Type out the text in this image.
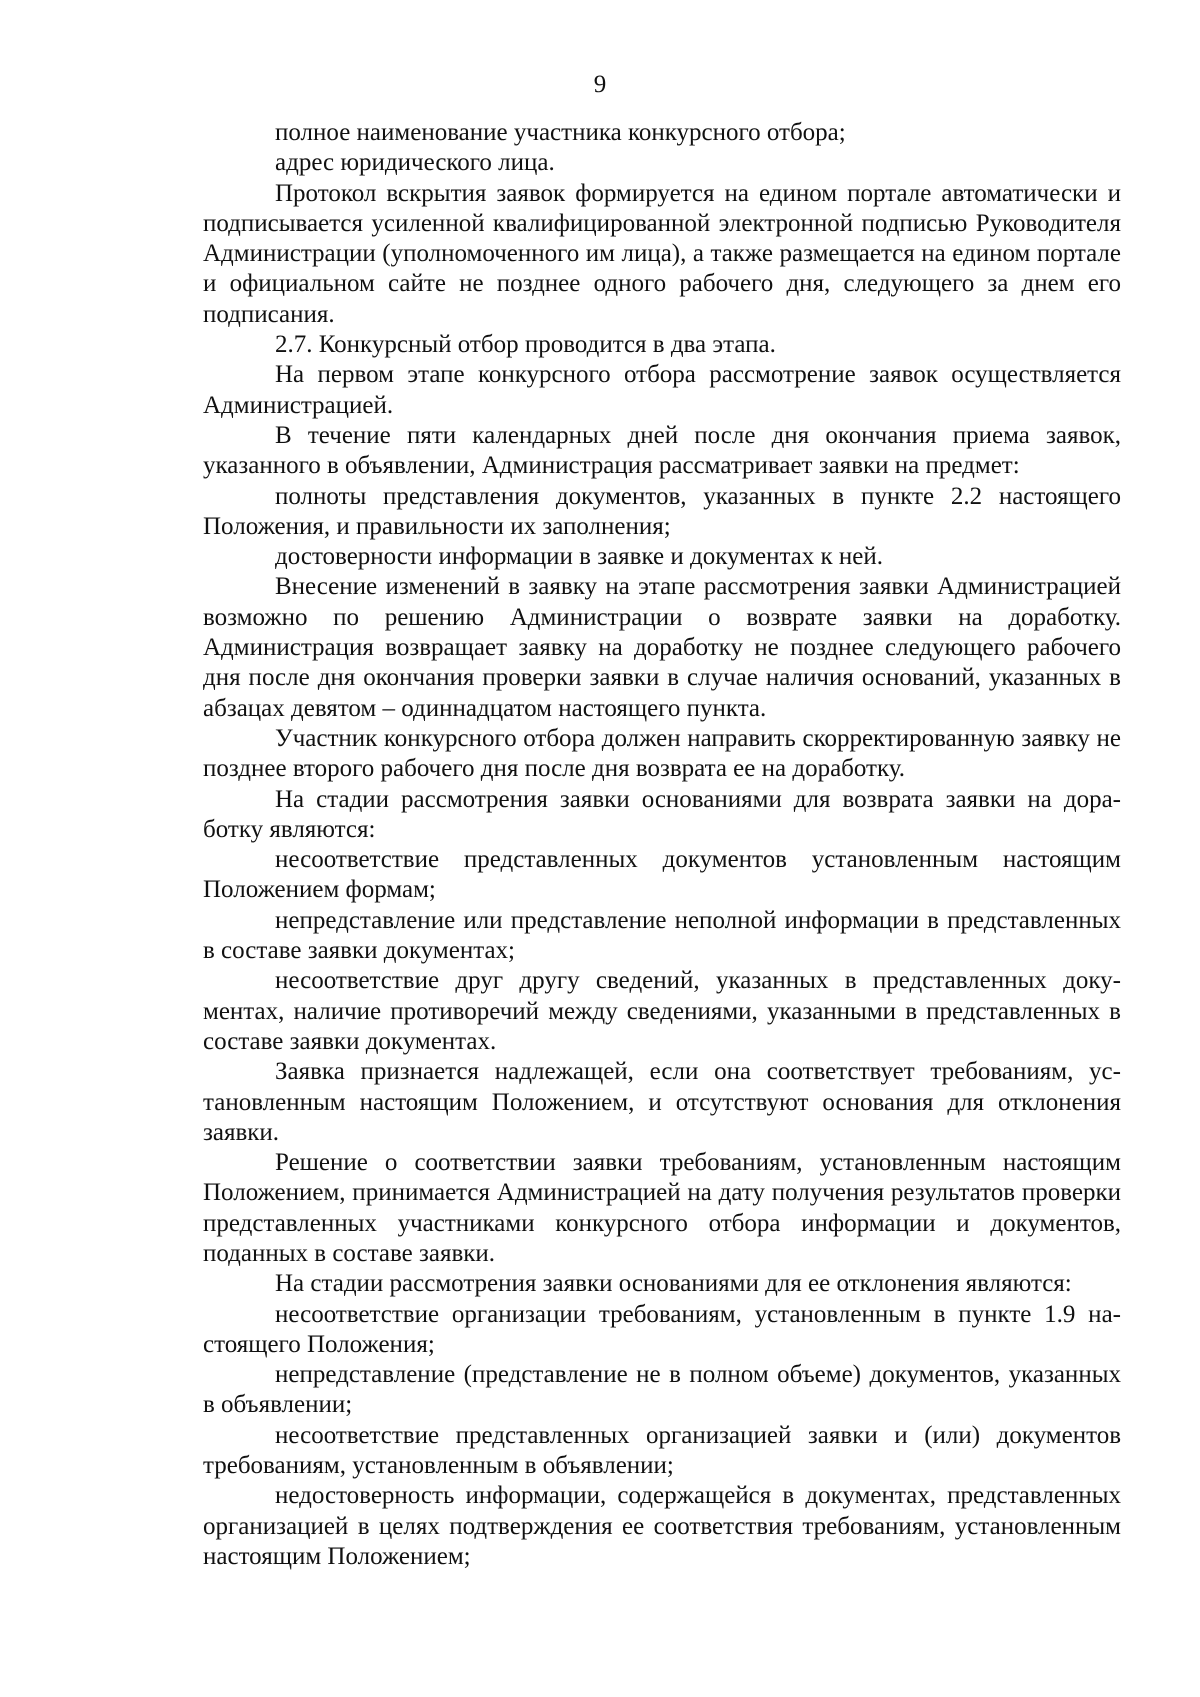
9

полное наименование участника конкурсного отбора;

адрес юридического лица.

Протокол вскрытия заявок формируется на едином портале автоматически и подписывается усиленной квалифицированной электронной подписью Руководителя Администрации (уполномоченного им лица), а также размещается на едином портале и официальном сайте не позднее одного рабочего дня, следующего за днем его подписания.

2.7. Конкурсный отбор проводится в два этапа.

На первом этапе конкурсного отбора рассмотрение заявок осуществляется Администрацией.

В течение пяти календарных дней после дня окончания приема заявок, указанного в объявлении, Администрация рассматривает заявки на предмет:

полноты представления документов, указанных в пункте 2.2 настоящего Положения, и правильности их заполнения;

достоверности информации в заявке и документах к ней.

Внесение изменений в заявку на этапе рассмотрения заявки Администрацией возможно по решению Администрации о возврате заявки на доработку. Администрация возвращает заявку на доработку не позднее следующего рабочего дня после дня окончания проверки заявки в случае наличия оснований, указанных в абзацах девятом – одиннадцатом настоящего пункта.

Участник конкурсного отбора должен направить скорректированную заявку не позднее второго рабочего дня после дня возврата ее на доработку.

На стадии рассмотрения заявки основаниями для возврата заявки на доработку являются:

несоответствие представленных документов установленным настоящим Положением формам;

непредставление или представление неполной информации в представленных в составе заявки документах;

несоответствие друг другу сведений, указанных в представленных документах, наличие противоречий между сведениями, указанными в представленных в составе заявки документах.

Заявка признается надлежащей, если она соответствует требованиям, установленным настоящим Положением, и отсутствуют основания для отклонения заявки.

Решение о соответствии заявки требованиям, установленным настоящим Положением, принимается Администрацией на дату получения результатов проверки представленных участниками конкурсного отбора информации и документов, поданных в составе заявки.

На стадии рассмотрения заявки основаниями для ее отклонения являются:

несоответствие организации требованиям, установленным в пункте 1.9 настоящего Положения;

непредставление (представление не в полном объеме) документов, указанных в объявлении;

несоответствие представленных организацией заявки и (или) документов требованиям, установленным в объявлении;

недостоверность информации, содержащейся в документах, представленных организацией в целях подтверждения ее соответствия требованиям, установленным настоящим Положением;
